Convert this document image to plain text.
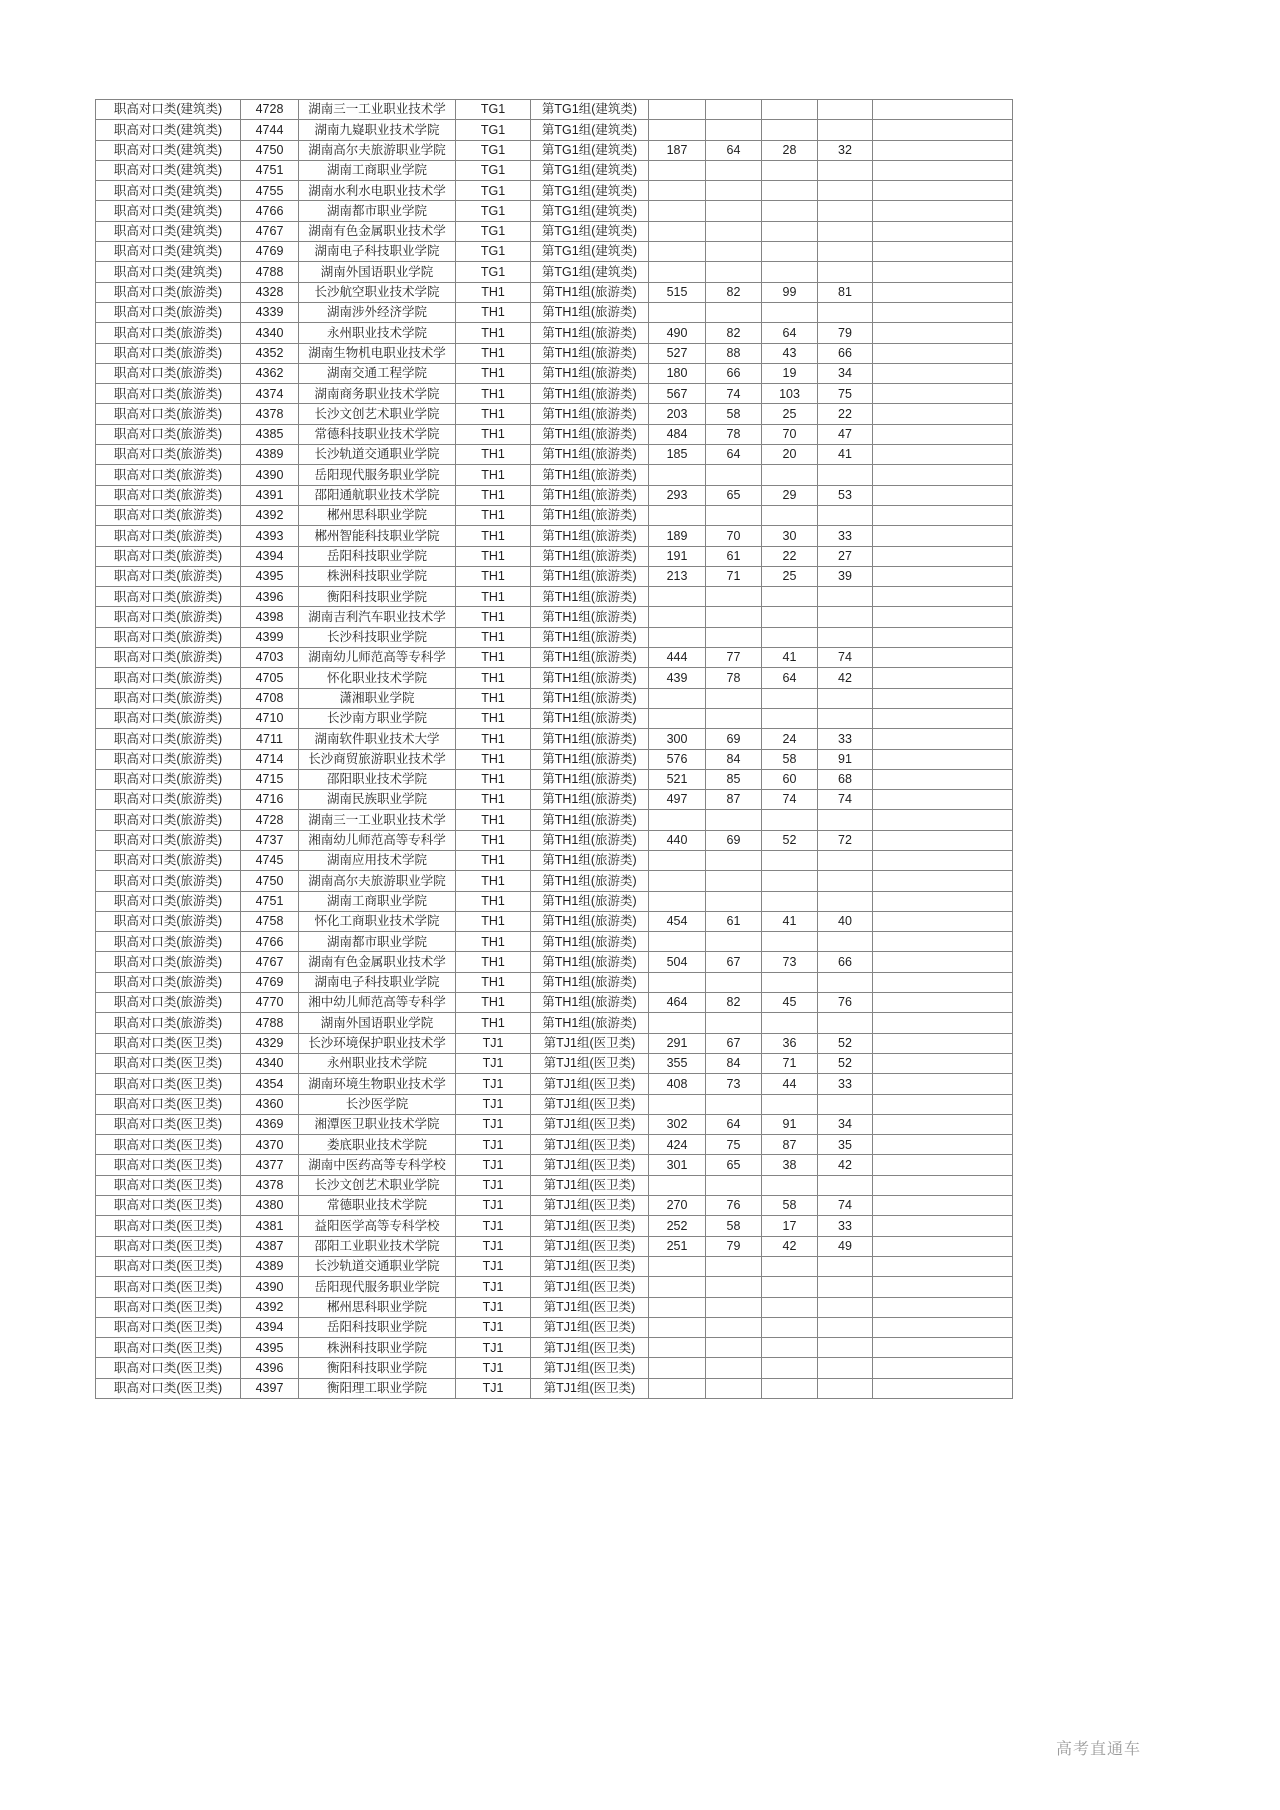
职高对口类(建筑类)	4728	湖南三一工业职业技术学	TG1	第TG1组(建筑类)					
职高对口类(建筑类)	4744	湖南九嶷职业技术学院	TG1	第TG1组(建筑类)					
职高对口类(建筑类)	4750	湖南高尔夫旅游职业学院	TG1	第TG1组(建筑类)	187	64	28	32	
职高对口类(建筑类)	4751	湖南工商职业学院	TG1	第TG1组(建筑类)					
职高对口类(建筑类)	4755	湖南水利水电职业技术学	TG1	第TG1组(建筑类)					
职高对口类(建筑类)	4766	湖南都市职业学院	TG1	第TG1组(建筑类)					
职高对口类(建筑类)	4767	湖南有色金属职业技术学	TG1	第TG1组(建筑类)					
职高对口类(建筑类)	4769	湖南电子科技职业学院	TG1	第TG1组(建筑类)					
职高对口类(建筑类)	4788	湖南外国语职业学院	TG1	第TG1组(建筑类)					
职高对口类(旅游类)	4328	长沙航空职业技术学院	TH1	第TH1组(旅游类)	515	82	99	81	
职高对口类(旅游类)	4339	湖南涉外经济学院	TH1	第TH1组(旅游类)					
职高对口类(旅游类)	4340	永州职业技术学院	TH1	第TH1组(旅游类)	490	82	64	79	
职高对口类(旅游类)	4352	湖南生物机电职业技术学	TH1	第TH1组(旅游类)	527	88	43	66	
职高对口类(旅游类)	4362	湖南交通工程学院	TH1	第TH1组(旅游类)	180	66	19	34	
职高对口类(旅游类)	4374	湖南商务职业技术学院	TH1	第TH1组(旅游类)	567	74	103	75	
职高对口类(旅游类)	4378	长沙文创艺术职业学院	TH1	第TH1组(旅游类)	203	58	25	22	
职高对口类(旅游类)	4385	常德科技职业技术学院	TH1	第TH1组(旅游类)	484	78	70	47	
职高对口类(旅游类)	4389	长沙轨道交通职业学院	TH1	第TH1组(旅游类)	185	64	20	41	
职高对口类(旅游类)	4390	岳阳现代服务职业学院	TH1	第TH1组(旅游类)					
职高对口类(旅游类)	4391	邵阳通航职业技术学院	TH1	第TH1组(旅游类)	293	65	29	53	
职高对口类(旅游类)	4392	郴州思科职业学院	TH1	第TH1组(旅游类)					
职高对口类(旅游类)	4393	郴州智能科技职业学院	TH1	第TH1组(旅游类)	189	70	30	33	
职高对口类(旅游类)	4394	岳阳科技职业学院	TH1	第TH1组(旅游类)	191	61	22	27	
职高对口类(旅游类)	4395	株洲科技职业学院	TH1	第TH1组(旅游类)	213	71	25	39	
职高对口类(旅游类)	4396	衡阳科技职业学院	TH1	第TH1组(旅游类)					
职高对口类(旅游类)	4398	湖南吉利汽车职业技术学	TH1	第TH1组(旅游类)					
职高对口类(旅游类)	4399	长沙科技职业学院	TH1	第TH1组(旅游类)					
职高对口类(旅游类)	4703	湖南幼儿师范高等专科学	TH1	第TH1组(旅游类)	444	77	41	74	
职高对口类(旅游类)	4705	怀化职业技术学院	TH1	第TH1组(旅游类)	439	78	64	42	
职高对口类(旅游类)	4708	潇湘职业学院	TH1	第TH1组(旅游类)					
职高对口类(旅游类)	4710	长沙南方职业学院	TH1	第TH1组(旅游类)					
职高对口类(旅游类)	4711	湖南软件职业技术大学	TH1	第TH1组(旅游类)	300	69	24	33	
职高对口类(旅游类)	4714	长沙商贸旅游职业技术学	TH1	第TH1组(旅游类)	576	84	58	91	
职高对口类(旅游类)	4715	邵阳职业技术学院	TH1	第TH1组(旅游类)	521	85	60	68	
职高对口类(旅游类)	4716	湖南民族职业学院	TH1	第TH1组(旅游类)	497	87	74	74	
职高对口类(旅游类)	4728	湖南三一工业职业技术学	TH1	第TH1组(旅游类)					
职高对口类(旅游类)	4737	湘南幼儿师范高等专科学	TH1	第TH1组(旅游类)	440	69	52	72	
职高对口类(旅游类)	4745	湖南应用技术学院	TH1	第TH1组(旅游类)					
职高对口类(旅游类)	4750	湖南高尔夫旅游职业学院	TH1	第TH1组(旅游类)					
职高对口类(旅游类)	4751	湖南工商职业学院	TH1	第TH1组(旅游类)					
职高对口类(旅游类)	4758	怀化工商职业技术学院	TH1	第TH1组(旅游类)	454	61	41	40	
职高对口类(旅游类)	4766	湖南都市职业学院	TH1	第TH1组(旅游类)					
职高对口类(旅游类)	4767	湖南有色金属职业技术学	TH1	第TH1组(旅游类)	504	67	73	66	
职高对口类(旅游类)	4769	湖南电子科技职业学院	TH1	第TH1组(旅游类)					
职高对口类(旅游类)	4770	湘中幼儿师范高等专科学	TH1	第TH1组(旅游类)	464	82	45	76	
职高对口类(旅游类)	4788	湖南外国语职业学院	TH1	第TH1组(旅游类)					
职高对口类(医卫类)	4329	长沙环境保护职业技术学	TJ1	第TJ1组(医卫类)	291	67	36	52	
职高对口类(医卫类)	4340	永州职业技术学院	TJ1	第TJ1组(医卫类)	355	84	71	52	
职高对口类(医卫类)	4354	湖南环境生物职业技术学	TJ1	第TJ1组(医卫类)	408	73	44	33	
职高对口类(医卫类)	4360	长沙医学院	TJ1	第TJ1组(医卫类)					
职高对口类(医卫类)	4369	湘潭医卫职业技术学院	TJ1	第TJ1组(医卫类)	302	64	91	34	
职高对口类(医卫类)	4370	娄底职业技术学院	TJ1	第TJ1组(医卫类)	424	75	87	35	
职高对口类(医卫类)	4377	湖南中医药高等专科学校	TJ1	第TJ1组(医卫类)	301	65	38	42	
职高对口类(医卫类)	4378	长沙文创艺术职业学院	TJ1	第TJ1组(医卫类)					
职高对口类(医卫类)	4380	常德职业技术学院	TJ1	第TJ1组(医卫类)	270	76	58	74	
职高对口类(医卫类)	4381	益阳医学高等专科学校	TJ1	第TJ1组(医卫类)	252	58	17	33	
职高对口类(医卫类)	4387	邵阳工业职业技术学院	TJ1	第TJ1组(医卫类)	251	79	42	49	
职高对口类(医卫类)	4389	长沙轨道交通职业学院	TJ1	第TJ1组(医卫类)					
职高对口类(医卫类)	4390	岳阳现代服务职业学院	TJ1	第TJ1组(医卫类)					
职高对口类(医卫类)	4392	郴州思科职业学院	TJ1	第TJ1组(医卫类)					
职高对口类(医卫类)	4394	岳阳科技职业学院	TJ1	第TJ1组(医卫类)					
职高对口类(医卫类)	4395	株洲科技职业学院	TJ1	第TJ1组(医卫类)					
职高对口类(医卫类)	4396	衡阳科技职业学院	TJ1	第TJ1组(医卫类)					
职高对口类(医卫类)	4397	衡阳理工职业学院	TJ1	第TJ1组(医卫类)					
高考直通车
